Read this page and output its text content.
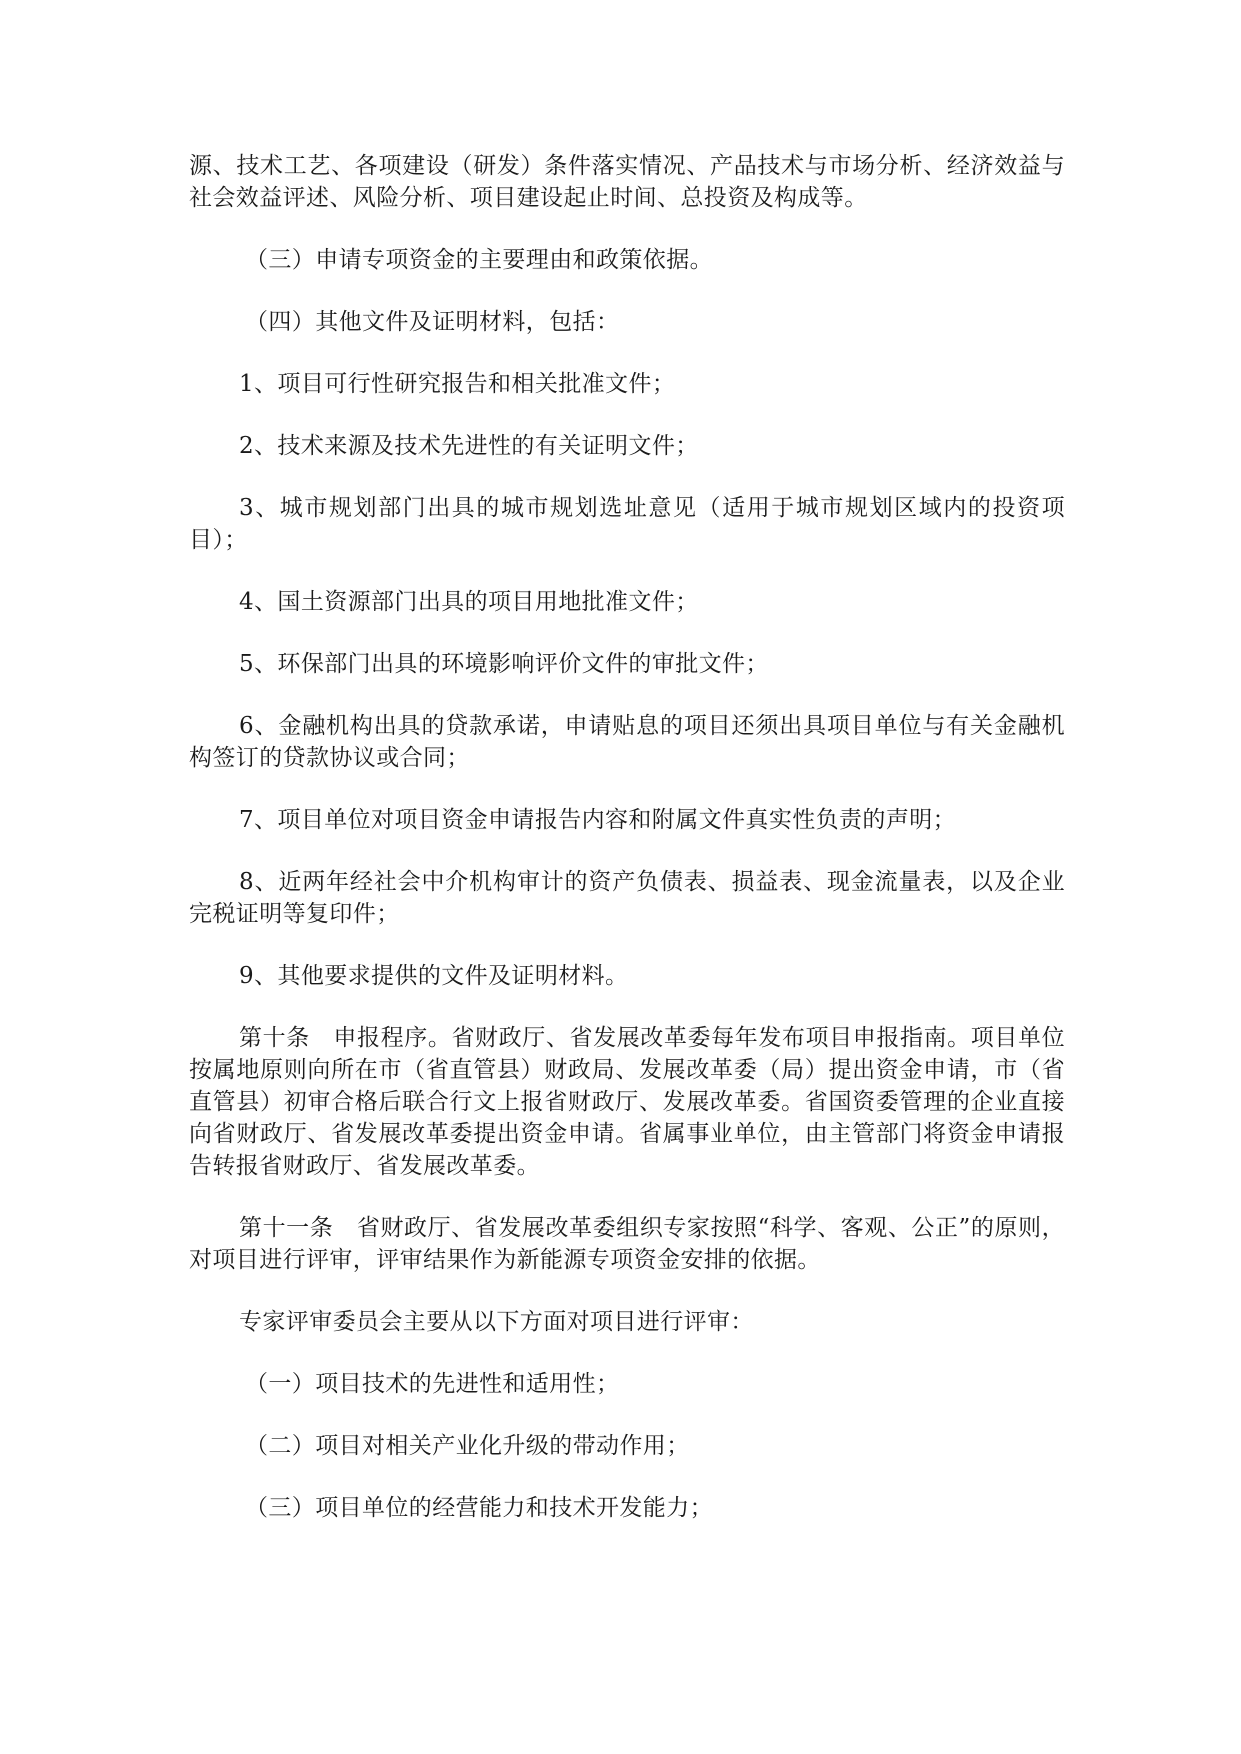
源、技术工艺、各项建设（研发）条件落实情况、产品技术与市场分析、经济效益与社会效益评述、风险分析、项目建设起止时间、总投资及构成等。

（三）申请专项资金的主要理由和政策依据。

（四）其他文件及证明材料，包括：

1、项目可行性研究报告和相关批准文件；

2、技术来源及技术先进性的有关证明文件；

3、城市规划部门出具的城市规划选址意见（适用于城市规划区域内的投资项目）；

4、国土资源部门出具的项目用地批准文件；

5、环保部门出具的环境影响评价文件的审批文件；

6、金融机构出具的贷款承诺，申请贴息的项目还须出具项目单位与有关金融机构签订的贷款协议或合同；

7、项目单位对项目资金申请报告内容和附属文件真实性负责的声明；

8、近两年经社会中介机构审计的资产负债表、损益表、现金流量表，以及企业完税证明等复印件；

9、其他要求提供的文件及证明材料。

第十条　申报程序。省财政厅、省发展改革委每年发布项目申报指南。项目单位按属地原则向所在市（省直管县）财政局、发展改革委（局）提出资金申请，市（省直管县）初审合格后联合行文上报省财政厅、发展改革委。省国资委管理的企业直接向省财政厅、省发展改革委提出资金申请。省属事业单位，由主管部门将资金申请报告转报省财政厅、省发展改革委。

第十一条　省财政厅、省发展改革委组织专家按照“科学、客观、公正”的原则，对项目进行评审，评审结果作为新能源专项资金安排的依据。

专家评审委员会主要从以下方面对项目进行评审：

（一）项目技术的先进性和适用性；

（二）项目对相关产业化升级的带动作用；

（三）项目单位的经营能力和技术开发能力；
